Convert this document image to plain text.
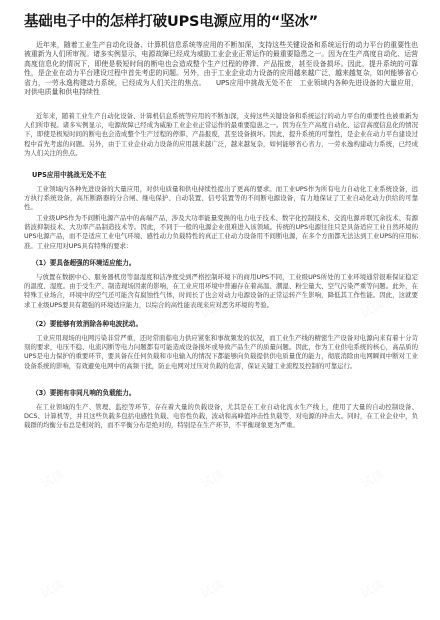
基础电子中的怎样打破UPS电源应用的“坚冰”

近年来，随着工业生产自动化设备、计算机信息系统等应用的不断加深，支持这些关键设备和系统运行的动力平台的重要性也被重新为人们所审视。诸多实例显示，电源故障已经成为威胁工业企业正常运作的最重要隐患之一。因为在生产高度自动化、运营高度信息化的情况下，即使是极短时间的断电也会造成整个生产过程的停滞、产品报废，甚至设备损坏。因此，提升系统的可靠性，是企业在动力平台建设过程中首先考虑的问题。另外，由于工业企业动力设备的应用越来越广泛，越来越复杂，如何能够省心省力，一劳永逸构建动力系统，已经成为人们关注的焦点。　　UPS应用中挑战无处不在　工业领域内各种先进设备的大量应用，对供电质量和供电持续性

近年来，随着工业生产自动化设备、计算机信息系统等应用的不断加深，支持这些关键设备和系统运行的动力平台的重要性也被重新为人们所审视。诸多实例显示，电源故障已经成为威胁工业企业正常运作的最重要隐患之一。因为在生产高度自动化、运营高度信息化的情况下，即使是极短时间的断电也会造成整个生产过程的停滞、产品报废，甚至设备损坏。因此，提升系统的可靠性，是企业在动力平台建设过程中首先考虑的问题。另外，由于工业企业动力设备的应用越来越广泛，越来越复杂，如何能够省心省力，一劳永逸构建动力系统，已经成为人们关注的焦点。

UPS应用中挑战无处不在

工业领域内各种先进设备的大量应用，对供电质量和供电持续性提出了更高的要求。而工业UPS作为所有电力自动化工业系统设备，远方执行系统设备，高压断路器的分合闸、继电保护、自动装置、信号装置等的不间断电源设备，有力地保证了工业自动化动力供给的可靠性。

工业级UPS作为不间断电源产品中的高端产品，涉及大功率能量变换的电力电子技术、数字化控制技术、交流电源并联冗余技术、有源谐波抑制技术、大功率产品制造技术等。因此，不同于一般的电源企业很难进入该领域。传统的UPS电源往往只是具备适应工业自然环境的UPS电源产品，而不是适应工业电气环境、感性动力负载特性的真正工业动力设备用不间断电源，在多个方面都无法达到工业UPS的应用标准。工业应用对UPS具有特殊的要求：

（1）要具备超强的环境适应能力。

与放置在数据中心、服务器机房等温湿度和洁净度受到严格控制环境下的商用UPS不同，工业级UPS所处的工业环境通常很难保证稳定的温度、湿度。由于受生产、制造现场因素的影响，在工业应用环境中普遍存在着高温、潮湿、粉尘量大、空气污染严重等问题。此外，在特殊工业场合，环境中的空气还可能含有腐蚀性气体，时间长了也会对动力电源设备的正常运转产生影响，降低其工作性能。因此，这就要求工业级UPS要具有超强的环境适应能力，以综合的高性能表现来应对恶劣环境的考验。

（2）要能够有效消除各种电波扰动。

工业应用现场的电网污染非常严重，还时常面临电力供应紧张和事故频发的状况，而工业生产线的精密生产设备对电源向来有着十分苛刻的要求，电压不稳、电流闪断等电力问题都有可能造成设备损坏或导致产品生产的质量问题。因此，作为工业供电系统的核心，高品质的UPS是电力保护的重要环节，要具备在任何负载和市电输入的情况下都能够向负载提供供电质量优的能力，彻底消除由电网瞬间中断对工业设备系统的影响，有效避免电网中的高频干扰，防止电网对过压对负载的危害，保证关键工业流程及控制的可靠运行。

（3）要拥有非同凡响的负载能力。

在工业领域的生产、管理、监控等环节，存在着大量的负载设备，尤其是在工业自动化流水生产线上，使用了大量的自动控制设备、DCS、计算机等，并且这些负载多包括电感性负载、电容性负载，波动和高峰值冲击性负载等，对电源的冲击大。同时，在工业企业中，负载群的均衡分布总是相对的，而不平衡分布是绝对的，特别是在生产环节，不平衡现象更为严重。
